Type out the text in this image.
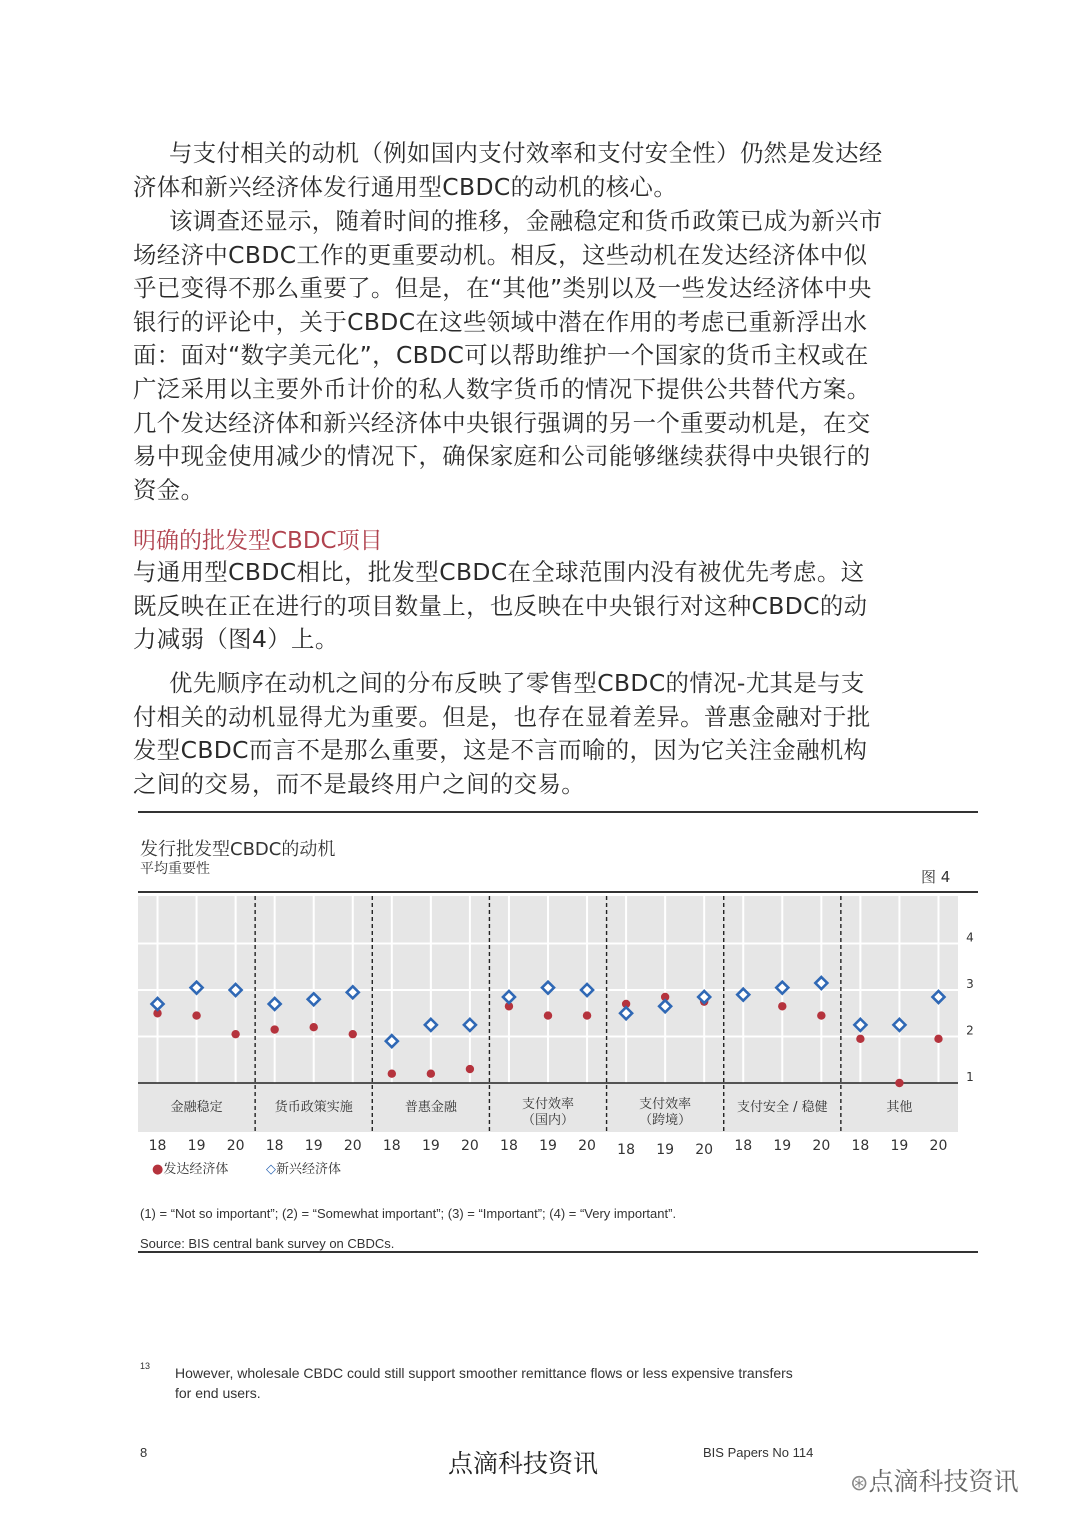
与支付相关的动机（例如国内支付效率和支付安全性）仍然是发达经济体和新兴经济体发行通用型CBDC的动机的核心。

该调查还显示，随着时间的推移，金融稳定和货币政策已成为新兴市场经济中CBDC工作的更重要动机。相反，这些动机在发达经济体中似乎已变得不那么重要了。但是，在“其他”类别以及一些发达经济体中央银行的评论中，关于CBDC在这些领域中潜在作用的考虑已重新浮出水面：面对“数字美元化”，CBDC可以帮助维护一个国家的货币主权或在广泛采用以主要外币计价的私人数字货币的情况下提供公共替代方案。几个发达经济体和新兴经济体中央银行强调的另一个重要动机是，在交易中现金使用减少的情况下，确保家庭和公司能够继续获得中央银行的资金。

明确的批发型CBDC项目

与通用型CBDC相比，批发型CBDC在全球范围内没有被优先考虑。这既反映在正在进行的项目数量上，也反映在中央银行对这种CBDC的动力减弱（图4）上。

优先顺序在动机之间的分布反映了零售型CBDC的情况-尤其是与支付相关的动机显得尤为重要。但是，也存在显着差异。普惠金融对于批发型CBDC而言不是那么重要，这是不言而喻的，因为它关注金融机构之间的交易，而不是最终用户之间的交易。

发行批发型CBDC的动机
平均重要性	图 4
1
2
3
4
金融稳定
18 19 20
货币政策实施
18 19 20
普惠金融
18 19 20
支付效率
（国内）
18 19 20
支付效率
（跨境）
18 19 20
支付安全 / 稳健
18 19 20
其他
18 19 20
●发达经济体	◇新兴经济体
(1) = “Not so important”; (2) = “Somewhat important”; (3) = “Important”; (4) = “Very important”.
Source: BIS central bank survey on CBDCs.
13 However, wholesale CBDC could still support smoother remittance flows or less expensive transfers
for end users.
8	点滴科技资讯	BIS Papers No 114
⊛点滴科技资讯
